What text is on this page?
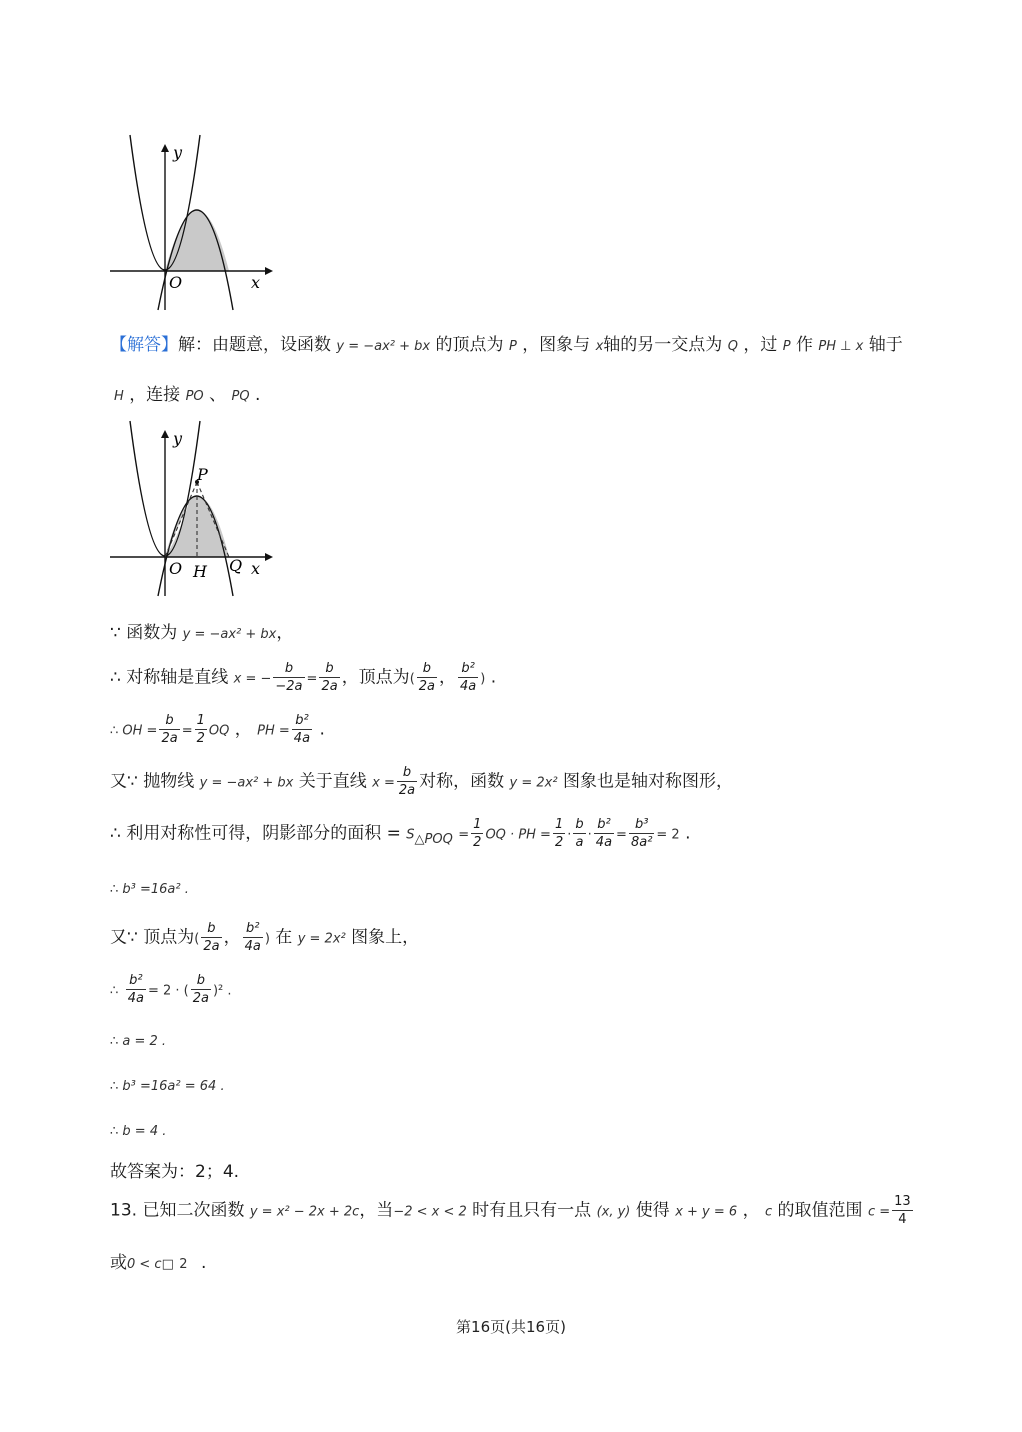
y
O	x
【解答】解：由题意，设函数 y = −ax² + bx 的顶点为 P ，图象与 x轴的另一交点为 Q ，过 P 作 PH ⊥ x 轴于
H ，连接 PO 、 PQ .
y
P
O H Q x
∵ 函数为 y = −ax² + bx，
∴ 对称轴是直线 x = − $\frac{b}{-2a} = \frac{b}{2a}$ ，顶点为( $\frac{b}{2a}$ ， $\frac{\text{b²}}{4a}$ ) .
∴ OH = $\frac{b}{2a} = \frac{1}{2}$ OQ ， PH = $\frac{\text{b²}}{4a}$ .
又∵ 抛物线 y = −ax² + bx 关于直线 $x = \frac{b}{2a}$ 对称，函数 y = 2x² 图象也是轴对称图形，
∴ 利用对称性可得，阴影部分的面积 = $S_{\triangle POQ} = \frac{1}{2}$ OQ · PH = $\frac{1}{2} \cdot \frac{b}{a} \cdot \frac{\text{b²}}{4a} = \frac{\text{b³}}{\text{8a²}} = 2$ .
∴ b³ =16a² .
又∵ 顶点为( $\frac{b}{2a}$ ， $\frac{\text{b²}}{4a}$ ) 在 y = 2x² 图象上，
∴ $\frac{\text{b²}}{4a} = 2$ · ( $\frac{b}{2a} )^2$ .
∴ a = 2 .
∴ b³ =16a² = 64 .
∴ b = 4 .
故答案为：2；4.
13. 已知二次函数 y = x² − 2x + 2c，当−2 < x < 2 时有且只有一点 (x, y) 使得 x + y = 6 ， c 的取值范围 $c = \frac{13}{4}$
或0 < c□ 2 .
第16页(共16页)
